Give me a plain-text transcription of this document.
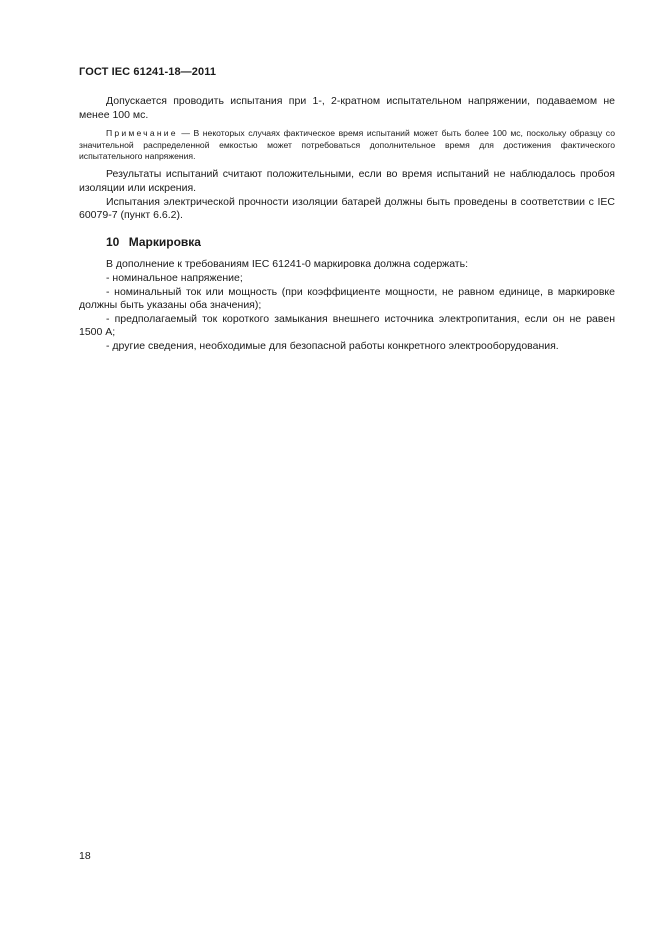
ГОСТ IEC 61241-18—2011

Допускается проводить испытания при 1-, 2-кратном испытательном напряжении, подаваемом не менее 100 мс.

Примечание — В некоторых случаях фактическое время испытаний может быть более 100 мс, поскольку образцу со значительной распределенной емкостью может потребоваться дополнительное время для достижения фактического испытательного напряжения.

Результаты испытаний считают положительными, если во время испытаний не наблюдалось пробоя изоляции или искрения.

Испытания электрической прочности изоляции батарей должны быть проведены в соответствии с IEC 60079-7 (пункт 6.6.2).

10 Маркировка

В дополнение к требованиям IEC 61241-0 маркировка должна содержать:

- номинальное напряжение;

- номинальный ток или мощность (при коэффициенте мощности, не равном единице, в маркировке должны быть указаны оба значения);

- предполагаемый ток короткого замыкания внешнего источника электропитания, если он не равен 1500 А;

- другие сведения, необходимые для безопасной работы конкретного электрооборудования.

18
